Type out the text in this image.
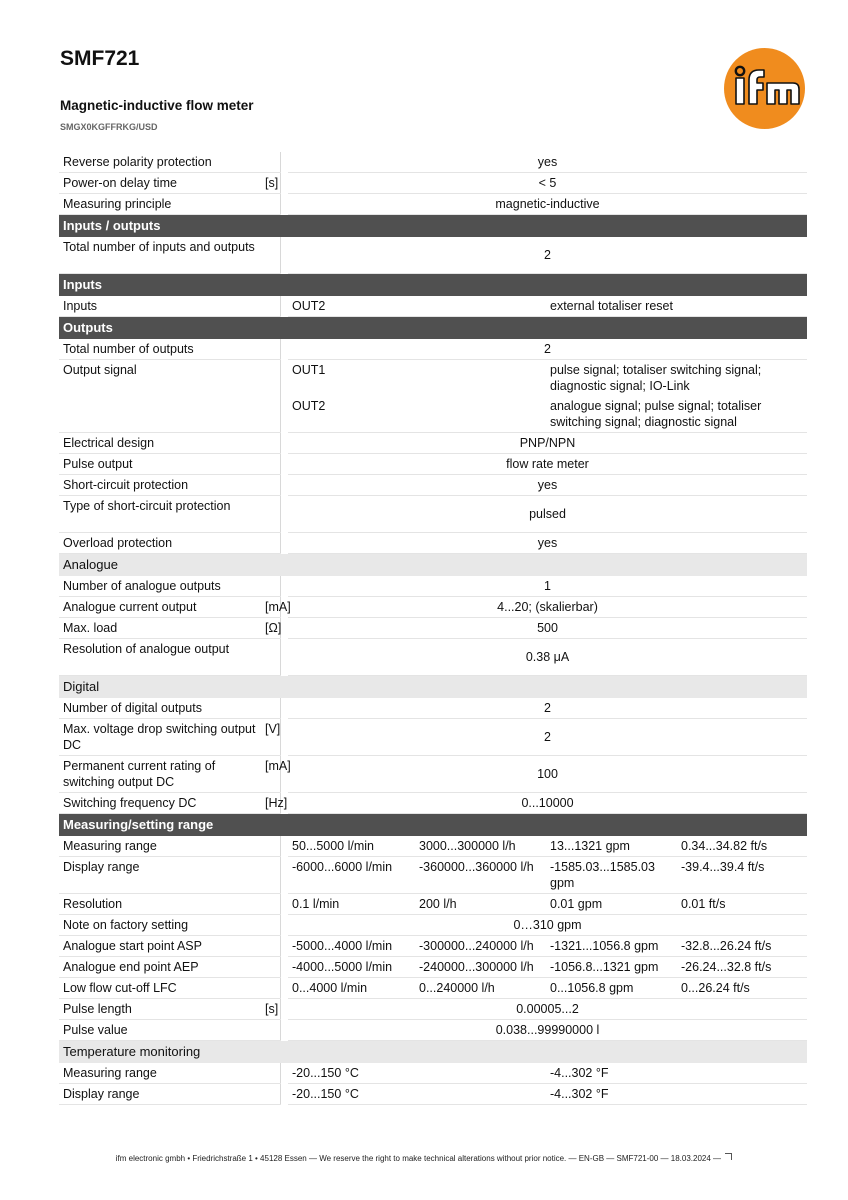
SMF721
Magnetic-inductive flow meter
SMGX0KGFFRKG/USD
Reverse polarity protection			yes			
Power-on delay time	[s]		< 5			
Measuring principle			magnetic-inductive			
Inputs / outputs						
Total number of inputs and outputs			2			
Inputs						
Inputs			OUT2		external totaliser reset	
Outputs						
Total number of outputs			2			
Output signal			OUT1		pulse signal; totaliser switching signal; diagnostic signal; IO-Link	
			OUT2		analogue signal; pulse signal; totaliser switching signal; diagnostic signal	
Electrical design			PNP/NPN			
Pulse output			flow rate meter			
Short-circuit protection			yes			
Type of short-circuit protection			pulsed			
Overload protection			yes			
Analogue						
Number of analogue outputs			1			
Analogue current output	[mA]		4...20; (skalierbar)			
Max. load	[Ω]		500			
Resolution of analogue output			0.38 μA			
Digital						
Number of digital outputs			2			
Max. voltage drop switching output DC	[V]		2			
Permanent current rating of switching output DC	[mA]		100			
Switching frequency DC	[Hz]		0...10000			
Measuring/setting range						
Measuring range			50...5000 l/min	3000...300000 l/h	13...1321 gpm	0.34...34.82 ft/s
Display range			-6000...6000 l/min	-360000...360000 l/h	-1585.03...1585.03 gpm	-39.4...39.4 ft/s
Resolution			0.1 l/min	200 l/h	0.01 gpm	0.01 ft/s
Note on factory setting			0…310 gpm			
Analogue start point ASP			-5000...4000 l/min	-300000...240000 l/h	-1321...1056.8 gpm	-32.8...26.24 ft/s
Analogue end point AEP			-4000...5000 l/min	-240000...300000 l/h	-1056.8...1321 gpm	-26.24...32.8 ft/s
Low flow cut-off LFC			0...4000 l/min	0...240000 l/h	0...1056.8 gpm	0...26.24 ft/s
Pulse length	[s]		0.00005...2			
Pulse value			0.038...99990000 l			
Temperature monitoring						
Measuring range			-20...150 °C		-4...302 °F	
Display range			-20...150 °C		-4...302 °F	
ifm electronic gmbh • Friedrichstraße 1 • 45128 Essen — We reserve the right to make technical alterations without prior notice. — EN-GB — SMF721-00 — 18.03.2024 —
